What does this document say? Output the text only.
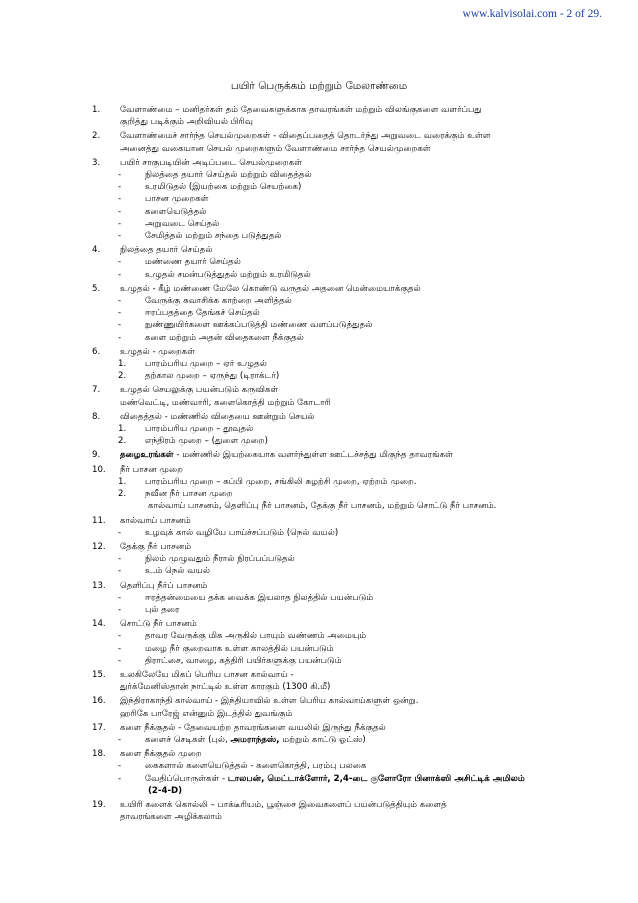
www.kalvisolai.com - 2 of 29.
பயிர் பெருக்கம் மற்றும் மேலாண்மை
1.	வேளாண்மை – மனிதர்கள் தம் தேவைகளுக்காக தாவரங்கள் மற்றும் விலங்குகளை வளர்ப்பது
குறித்து படிக்கும் அறிவியல் பிரிவு
2.	வேளாண்மைச் சார்ந்த செயல்முறைகள் - விதைப்பதைத் தொடர்ந்து அறுவடை வரைக்கும் உள்ள
அனைத்து வகையான செயல் முறைகளும் வேளாண்மை சார்ந்த செயல்முறைகள்
3.	பயிர் சாகுபடியின் அடிப்படை செயல்முறைகள்
-	நிலத்தை தயார் செய்தல் மற்றும் விதைத்தல்
-	உரமிடுதல் (இயற்கை மற்றும் செயற்கை)
-	பாசன முறைகள்
-	களையெடுத்தல்
-	அறுவடை செய்தல்
-	சேமித்தல் மற்றும் சந்தை படுத்துதல்
4.	நிலத்தை தயார் செய்தல்
-	மண்ணை தயார் செய்தல்
-	உழுதல் சமன்படுத்துதல் மற்றும் உரமிடுதல்
5.	உழுதல் - கீழ் மண்ணை மேலே கொண்டு வருதல் அதனை மென்மையாக்குதல்
-	வேருக்கு சுவாசிக்க காற்றை அளித்தல்
-	ஈரப்பதத்தை தேங்கச் செய்தல்
-	நுண்ணுயிர்களை ஊக்கப்படுத்தி மண்ணை வளப்படுத்துதல்
-	களை மற்றும் அதன் விதைகளை நீக்குதல்
6.	உழுதல் - முறைகள்
1.	பாரம்பரிய முறை – ஏர் உழுதல்
2.	தற்கால முறை – ஏருந்து (டிராக்டர்)
7.	உழுதல் செயலுக்கு பயன்படும் கருவிகள்
மண்வெட்டி, மண்வாரி, களைகொத்தி மற்றும் கோடாரி
8.	விதைத்தல் - மண்ணில் விதையை ஊன்றும் செயல்
1.	பாரம்பரிய முறை – தூவுதல்
2.	எந்திரம் முறை – (துளை முறை)
9.	தழைஉரங்கள் - மண்ணில் இயற்கையாக வளர்ந்துள்ள ஊட்டச்சத்து மிகுந்த தாவரங்கள்
10.	நீர் பாசன முறை
1.	பாரம்பரிய முறை – கப்பி முறை, சங்கிலி சுழற்சி முறை, ஏற்றம் முறை.
2.	நவீன நீர் பாசன முறை
கால்வாய் பாசனம், தெளிப்பு நீர் பாசனம், தேக்கு நீர் பாசனம், மற்றும் சொட்டு நீர் பாசனம்.
11.	கால்வாய் பாசனம்
-	உழவுக் கால் வழியே பாய்ச்சப்படும் (நெல் வயல்)
12.	தேக்கு நீர் பாசனம்
-	நிலம் முழுவதும் நீரால் நிரப்பப்படுதல்
-	உ.ம் நெல் வயல்
13.	தெளிப்பு நீர்ப் பாசனம்
-	ஈரத்தன்மையை தக்க வைக்க இயலாத நிலத்தில் பயன்படும்
-	புல் தரை
14.	சொட்டு நீர் பாசனம்
-	தாவர வேருக்கு மிக அருகில் பாயும் வண்ணம் அமையும்
-	மழை நீர் குறைவாக உள்ள காலத்தில் பயன்படும்
-	திராட்சை, வாழை, கத்திரி பயிர்களுக்கு பயன்படும்
15.	உலகிலேயே மிகப் பெரிய பாசன கால்வாய் -
துர்க்மேனிஸ்தான் நாட்டில் உள்ள காரகும் (1300 கி.மீ)
16.	இந்திராகாந்தி கால்வாய் - இந்தியாவில் உள்ள பெரிய கால்வாய்களுள் ஒன்று.
ஹரிகே பாரேஜ் என்னும் இடத்தில் துவங்கும்
17.	களை நீக்குதல் - தேவையற்ற தாவரங்களை வயலில் இருந்து நீக்குதல்
-	களைச் செடிகள் (புல், அமராந்தஸ், மற்றும் காட்டு ஓட்ஸ்)
18.	களை நீக்குதல் முறை
-	கைகளால் களையெடுத்தல் - களைகொத்தி, பரம்பு பலகை
-	வேதிப்பொருள்கள் - டாலபன், மெட்டாக்ளோர், 2,4-டை குளோரோ பினாக்ஸி அசிட்டிக் அமிலம்
(2-4-D)
19.	உயிரி களைக் கொல்லி – பாக்டீரியம், பூஞ்சை இவைகளைப் பயன்படுத்தியும் களைத்
தாவரங்களை அழிக்கலாம்
